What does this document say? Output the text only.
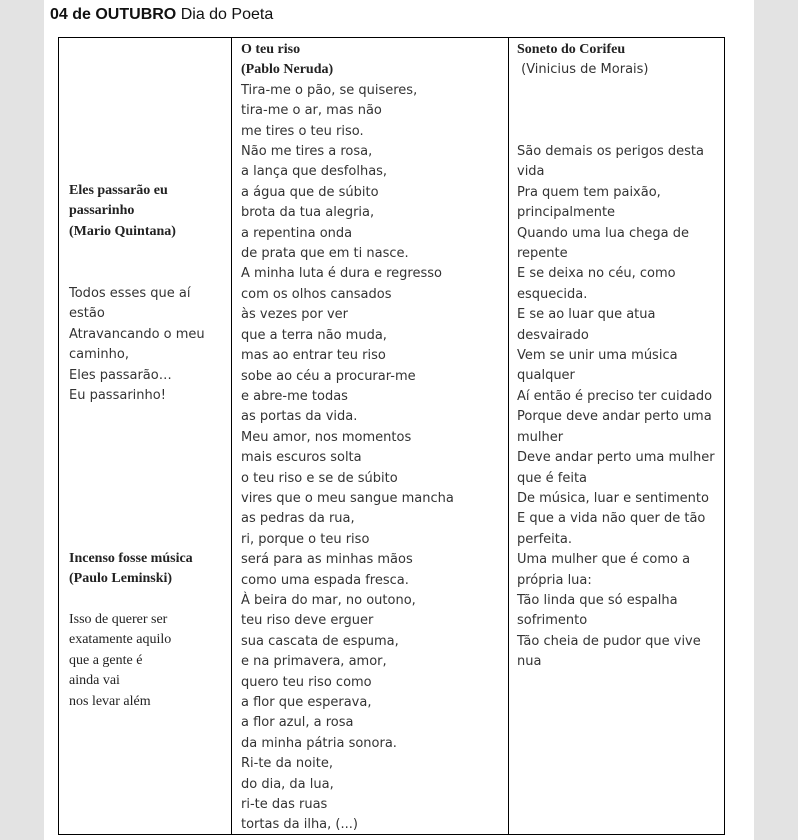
04 de OUTUBRO Dia do Poeta
Eles passarão eu
passarinho
(Mario Quintana)
Todos esses que aí
estão
Atravancando o meu
caminho,
Eles passarão…
Eu passarinho!
Incenso fosse música
(Paulo Leminski)
Isso de querer ser
exatamente aquilo
que a gente é
ainda vai
nos levar além
O teu riso
(Pablo Neruda)
Tira-me o pão, se quiseres,
tira-me o ar, mas não
me tires o teu riso.
Não me tires a rosa,
a lança que desfolhas,
a água que de súbito
brota da tua alegria,
a repentina onda
de prata que em ti nasce.
A minha luta é dura e regresso
com os olhos cansados
às vezes por ver
que a terra não muda,
mas ao entrar teu riso
sobe ao céu a procurar-me
e abre-me todas
as portas da vida.
Meu amor, nos momentos
mais escuros solta
o teu riso e se de súbito
vires que o meu sangue mancha
as pedras da rua,
ri, porque o teu riso
será para as minhas mãos
como uma espada fresca.
À beira do mar, no outono,
teu riso deve erguer
sua cascata de espuma,
e na primavera, amor,
quero teu riso como
a flor que esperava,
a flor azul, a rosa
da minha pátria sonora.
Ri-te da noite,
do dia, da lua,
ri-te das ruas
tortas da ilha, (...)
Soneto do Corifeu
(Vinicius de Morais)
São demais os perigos desta
vida
Pra quem tem paixão,
principalmente
Quando uma lua chega de
repente
E se deixa no céu, como
esquecida.
E se ao luar que atua
desvairado
Vem se unir uma música
qualquer
Aí então é preciso ter cuidado
Porque deve andar perto uma
mulher
Deve andar perto uma mulher
que é feita
De música, luar e sentimento
E que a vida não quer de tão
perfeita.
Uma mulher que é como a
própria lua:
Tão linda que só espalha
sofrimento
Tão cheia de pudor que vive
nua
